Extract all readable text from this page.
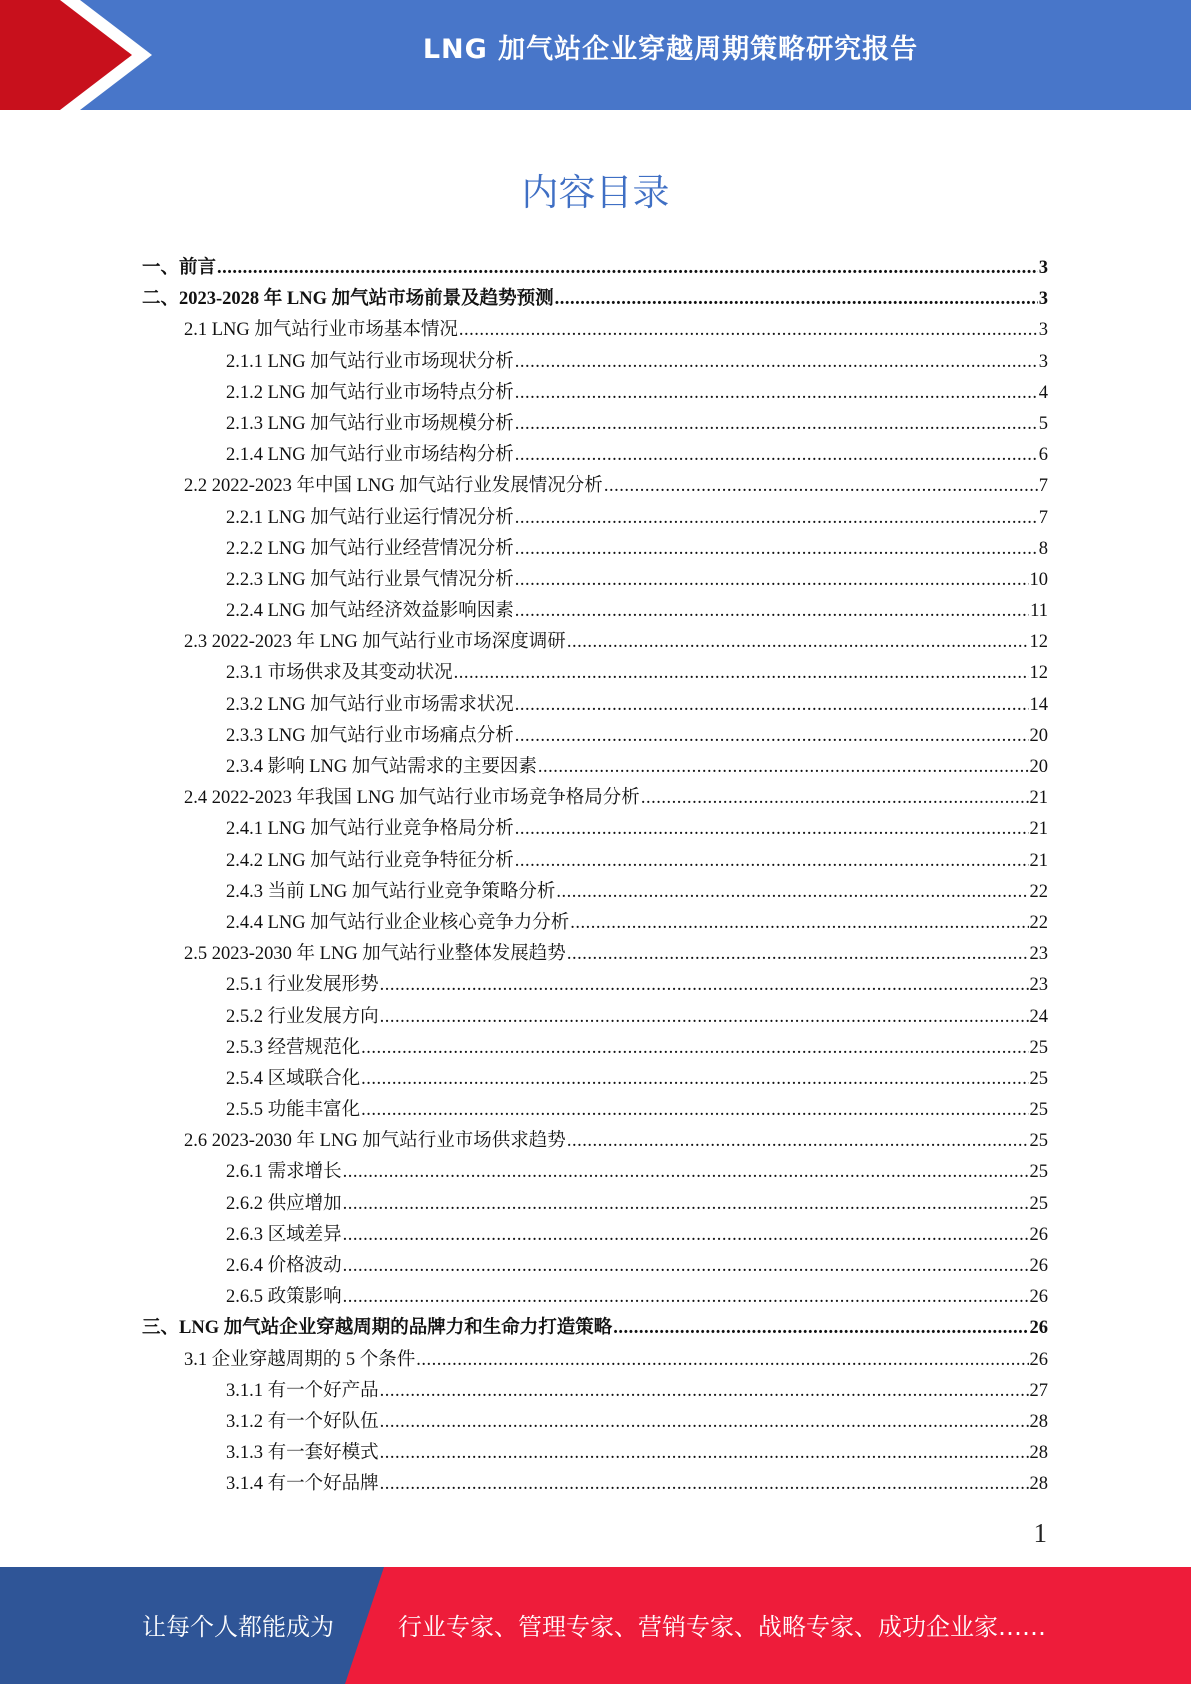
LNG 加气站企业穿越周期策略研究报告
内容目录
一、前言 .....	3
二、2023-2028 年 LNG 加气站市场前景及趋势预测 .....	3
2.1 LNG 加气站行业市场基本情况 .....	3
2.1.1 LNG 加气站行业市场现状分析 .....	3
2.1.2 LNG 加气站行业市场特点分析 .....	4
2.1.3 LNG 加气站行业市场规模分析 .....	5
2.1.4 LNG 加气站行业市场结构分析 .....	6
2.2 2022-2023 年中国 LNG 加气站行业发展情况分析 .....	7
2.2.1 LNG 加气站行业运行情况分析 .....	7
2.2.2 LNG 加气站行业经营情况分析 .....	8
2.2.3 LNG 加气站行业景气情况分析 .....	10
2.2.4 LNG 加气站经济效益影响因素 .....	11
2.3 2022-2023 年 LNG 加气站行业市场深度调研 .....	12
2.3.1 市场供求及其变动状况 .....	12
2.3.2 LNG 加气站行业市场需求状况 .....	14
2.3.3 LNG 加气站行业市场痛点分析 .....	20
2.3.4 影响 LNG 加气站需求的主要因素 .....	20
2.4 2022-2023 年我国 LNG 加气站行业市场竞争格局分析 .....	21
2.4.1 LNG 加气站行业竞争格局分析 .....	21
2.4.2 LNG 加气站行业竞争特征分析 .....	21
2.4.3 当前 LNG 加气站行业竞争策略分析 .....	22
2.4.4 LNG 加气站行业企业核心竞争力分析 .....	22
2.5 2023-2030 年 LNG 加气站行业整体发展趋势 .....	23
2.5.1 行业发展形势 .....	23
2.5.2 行业发展方向 .....	24
2.5.3 经营规范化 .....	25
2.5.4 区域联合化 .....	25
2.5.5 功能丰富化 .....	25
2.6 2023-2030 年 LNG 加气站行业市场供求趋势 .....	25
2.6.1 需求增长 .....	25
2.6.2 供应增加 .....	25
2.6.3 区域差异 .....	26
2.6.4 价格波动 .....	26
2.6.5 政策影响 .....	26
三、LNG 加气站企业穿越周期的品牌力和生命力打造策略 .....	26
3.1 企业穿越周期的 5 个条件 .....	26
3.1.1 有一个好产品 .....	27
3.1.2 有一个好队伍 .....	28
3.1.3 有一套好模式 .....	28
3.1.4 有一个好品牌 .....	28
1
让每个人都能成为	行业专家、管理专家、营销专家、战略专家、成功企业家……
